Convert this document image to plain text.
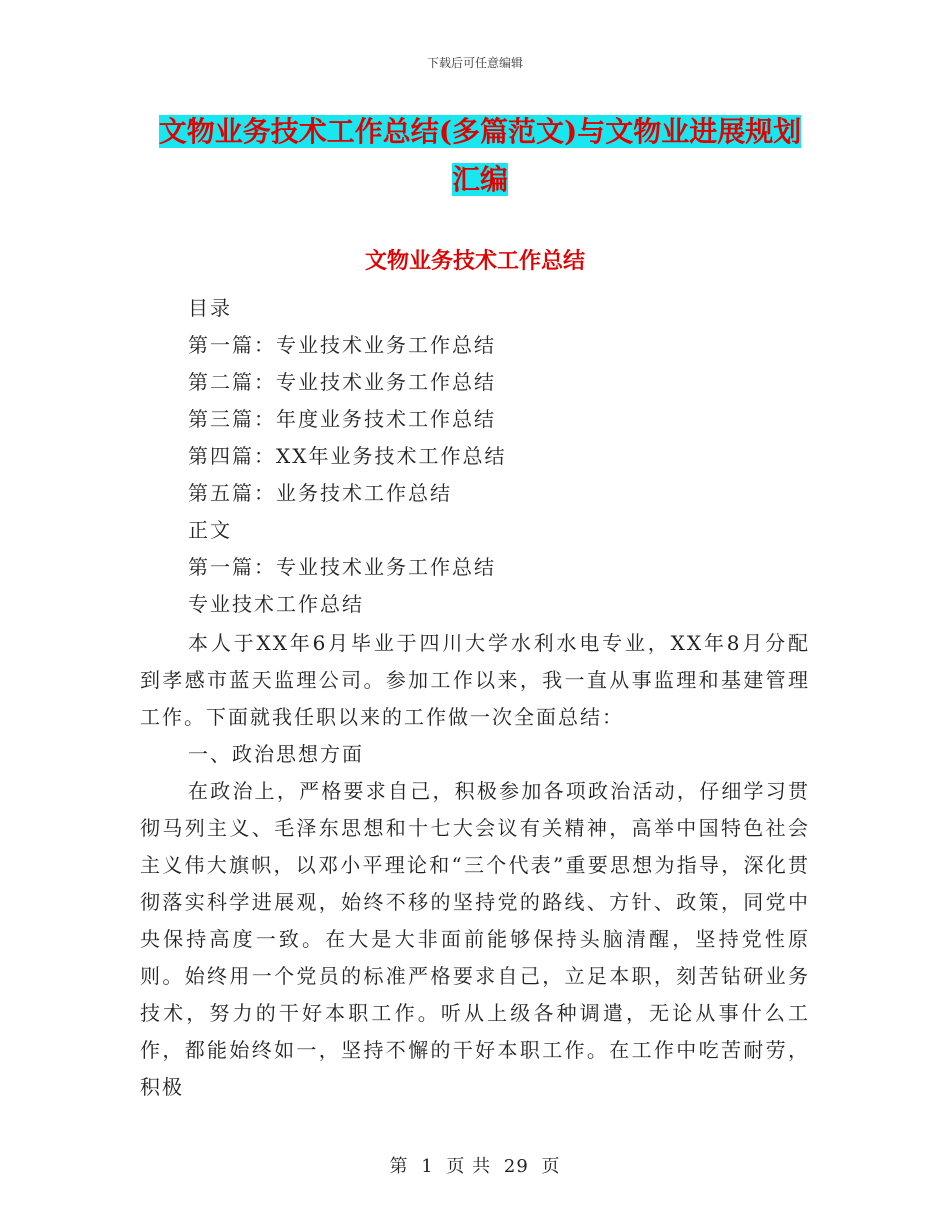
下载后可任意编辑
文物业务技术工作总结(多篇范文)与文物业进展规划
汇编
文物业务技术工作总结
目录
第一篇：专业技术业务工作总结
第二篇：专业技术业务工作总结
第三篇：年度业务技术工作总结
第四篇：XX年业务技术工作总结
第五篇：业务技术工作总结
正文
第一篇：专业技术业务工作总结
专业技术工作总结

本人于XX年6月毕业于四川大学水利水电专业，XX年8月分配到孝感市蓝天监理公司。参加工作以来，我一直从事监理和基建管理工作。下面就我任职以来的工作做一次全面总结：

一、政治思想方面

在政治上，严格要求自己，积极参加各项政治活动，仔细学习贯彻马列主义、毛泽东思想和十七大会议有关精神，高举中国特色社会主义伟大旗帜，以邓小平理论和“三个代表”重要思想为指导，深化贯彻落实科学进展观，始终不移的坚持党的路线、方针、政策，同党中央保持高度一致。在大是大非面前能够保持头脑清醒，坚持党性原则。始终用一个党员的标准严格要求自己，立足本职，刻苦钻研业务技术，努力的干好本职工作。听从上级各种调遣，无论从事什么工作，都能始终如一，坚持不懈的干好本职工作。在工作中吃苦耐劳，积极

第 1 页 共 29 页
